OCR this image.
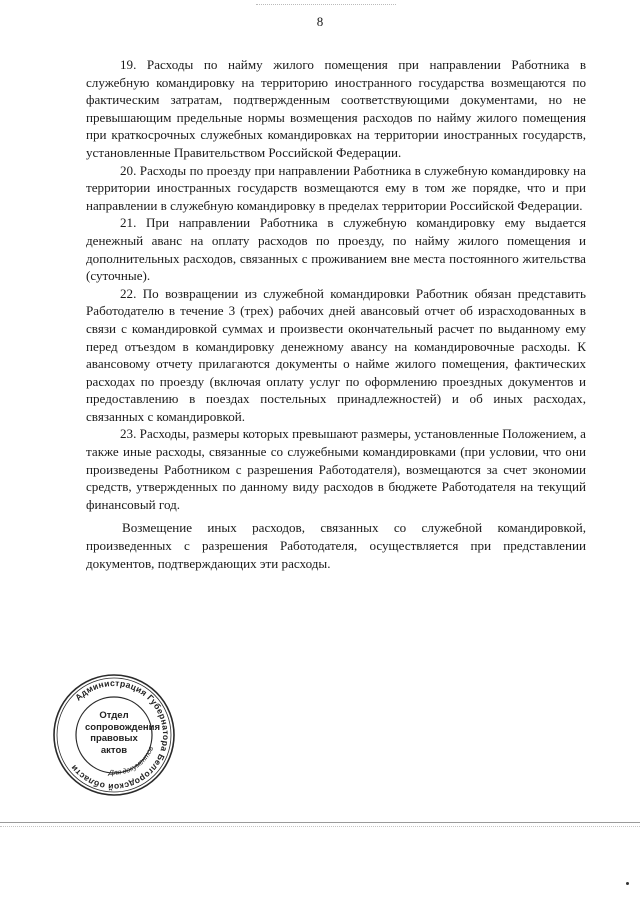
8

19. Расходы по найму жилого помещения при направлении Работника в служебную командировку на территорию иностранного государства возмещаются по фактическим затратам, подтвержденным соответствующими документами, но не превышающим предельные нормы возмещения расходов по найму жилого помещения при краткосрочных служебных командировках на территории иностранных государств, установленные Правительством Российской Федерации.

20. Расходы по проезду при направлении Работника в служебную командировку на территории иностранных государств возмещаются ему в том же порядке, что и при направлении в служебную командировку в пределах территории Российской Федерации.

21. При направлении Работника в служебную командировку ему выдается денежный аванс на оплату расходов по проезду, по найму жилого помещения и дополнительных расходов, связанных с проживанием вне места постоянного жительства (суточные).

22. По возвращении из служебной командировки Работник обязан представить Работодателю в течение 3 (трех) рабочих дней авансовый отчет об израсходованных в связи с командировкой суммах и произвести окончательный расчет по выданному ему перед отъездом в командировку денежному авансу на командировочные расходы. К авансовому отчету прилагаются документы о найме жилого помещения, фактических расходах по проезду (включая оплату услуг по оформлению проездных документов и предоставлению в поездах постельных принадлежностей) и об иных расходах, связанных с командировкой.

23. Расходы, размеры которых превышают размеры, установленные Положением, а также иные расходы, связанные со служебными командировками (при условии, что они произведены Работником с разрешения Работодателя), возмещаются за счет экономии средств, утвержденных по данному виду расходов в бюджете Работодателя на текущий финансовый год.

Возмещение иных расходов, связанных со служебной командировкой, произведенных с разрешения Работодателя, осуществляется при представлении документов, подтверждающих эти расходы.

Администрация Губернатора Белгородской области	Для документов
Отдел
сопровождения
правовых
актов
